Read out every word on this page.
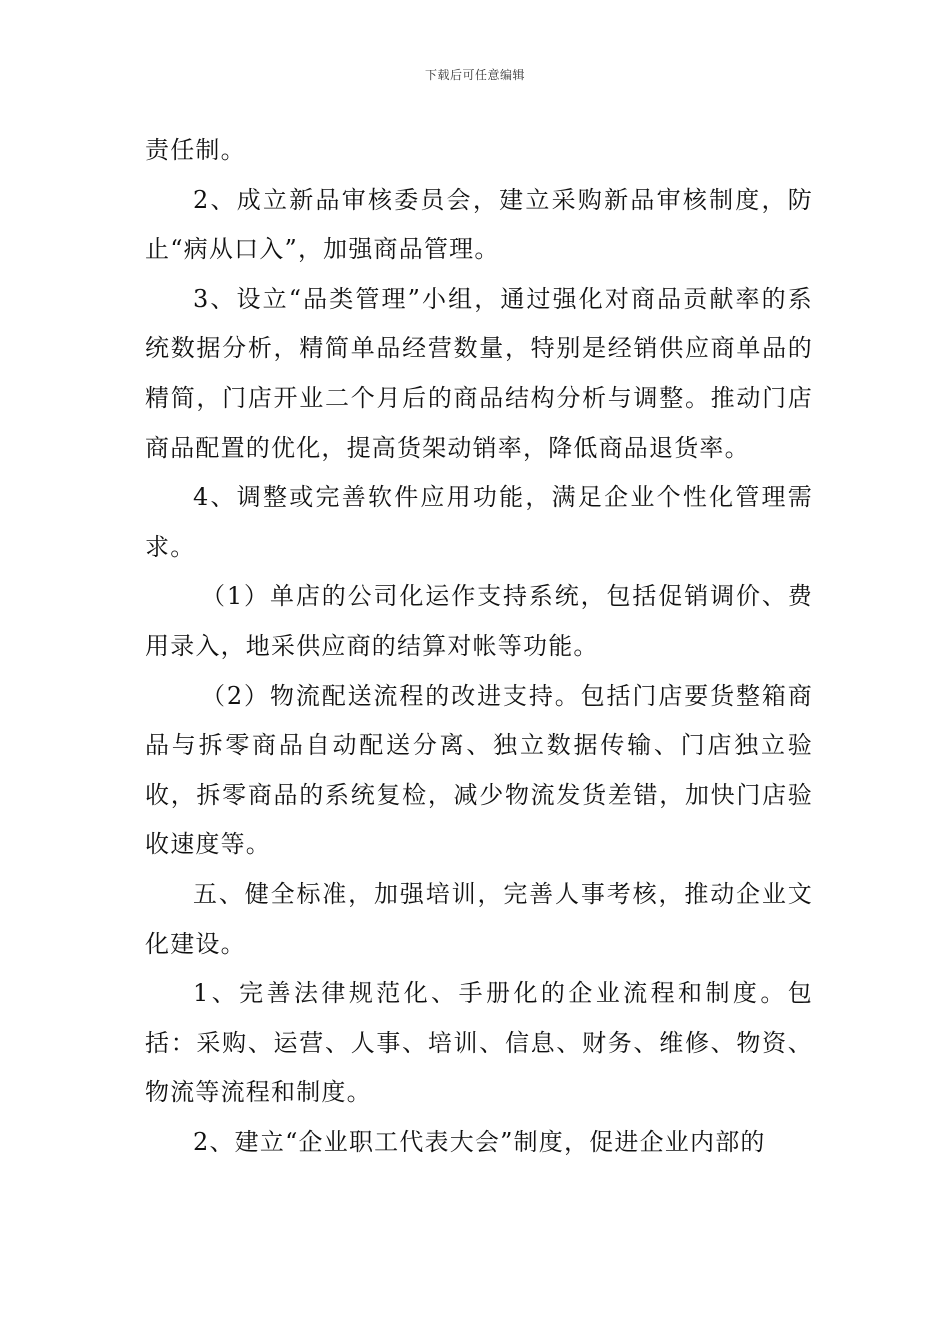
下载后可任意编辑

责任制。

2、成立新品审核委员会，建立采购新品审核制度，防止“病从口入”，加强商品管理。

3、设立“品类管理”小组，通过强化对商品贡献率的系统数据分析，精简单品经营数量，特别是经销供应商单品的精简，门店开业二个月后的商品结构分析与调整。推动门店商品配置的优化，提高货架动销率，降低商品退货率。

4、调整或完善软件应用功能，满足企业个性化管理需求。

（1）单店的公司化运作支持系统，包括促销调价、费用录入，地采供应商的结算对帐等功能。

（2）物流配送流程的改进支持。包括门店要货整箱商品与拆零商品自动配送分离、独立数据传输、门店独立验收，拆零商品的系统复检，减少物流发货差错，加快门店验收速度等。

五、健全标准，加强培训，完善人事考核，推动企业文化建设。

1、完善法律规范化、手册化的企业流程和制度。包括：采购、运营、人事、培训、信息、财务、维修、物资、物流等流程和制度。

2、建立“企业职工代表大会”制度，促进企业内部的
